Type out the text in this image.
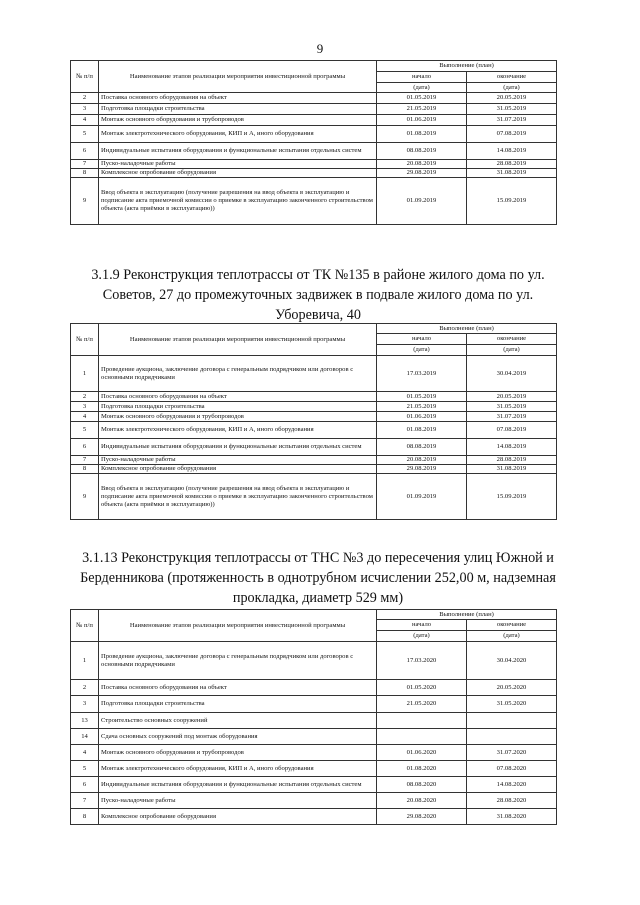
9
№ п/п	Наименование этапов реализации мероприятия инвестиционной программы	Выполнение (план)	
		начало	окончание
		(дата)	(дата)
2	Поставка основного оборудования на объект	01.05.2019	20.05.2019
3	Подготовка площадки строительства	21.05.2019	31.05.2019
4	Монтаж основного оборудования и трубопроводов	01.06.2019	31.07.2019
5	Монтаж электротехнического оборудования, КИП и А, иного оборудования	01.08.2019	07.08.2019
6	Индивидуальные испытания оборудования и функциональные испытания отдельных систем	08.08.2019	14.08.2019
7	Пуско-наладочные работы	20.08.2019	28.08.2019
8	Комплексное опробование оборудования	29.08.2019	31.08.2019
9	Ввод объекта в эксплуатацию (получение разрешения на ввод объекта в эксплуатацию и подписание акта приемочной комиссии о приемке в эксплуатацию законченного строительством объекта (акта приёмки в эксплуатацию))	01.09.2019	15.09.2019
3.1.9 Реконструкция теплотрассы от ТК №135 в районе жилого дома по ул. Советов, 27 до промежуточных задвижек в подвале жилого дома по ул. Уборевича, 40
№ п/п	Наименование этапов реализации мероприятия инвестиционной программы	Выполнение (план)	
		начало	окончание
		(дата)	(дата)
1	Проведение аукциона, заключение договора с генеральным подрядчиком или договоров с основными подрядчиками	17.03.2019	30.04.2019
2	Поставка основного оборудования на объект	01.05.2019	20.05.2019
3	Подготовка площадки строительства	21.05.2019	31.05.2019
4	Монтаж основного оборудования и трубопроводов	01.06.2019	31.07.2019
5	Монтаж электротехнического оборудования, КИП и А, иного оборудования	01.08.2019	07.08.2019
6	Индивидуальные испытания оборудования и функциональные испытания отдельных систем	08.08.2019	14.08.2019
7	Пуско-наладочные работы	20.08.2019	28.08.2019
8	Комплексное опробование оборудования	29.08.2019	31.08.2019
9	Ввод объекта в эксплуатацию (получение разрешения на ввод объекта в эксплуатацию и подписание акта приемочной комиссии о приемке в эксплуатацию законченного строительством объекта (акта приёмки в эксплуатацию))	01.09.2019	15.09.2019
3.1.13 Реконструкция теплотрассы от ТНС №3 до пересечения улиц Южной и Берденникова (протяженность в однотрубном исчислении 252,00 м, надземная прокладка, диаметр 529 мм)
№ п/п	Наименование этапов реализации мероприятия инвестиционной программы	Выполнение (план)	
		начало	окончание
		(дата)	(дата)
1	Проведение аукциона, заключение договора с генеральным подрядчиком или договоров с основными подрядчиками	17.03.2020	30.04.2020
2	Поставка основного оборудования на объект	01.05.2020	20.05.2020
3	Подготовка площадки строительства	21.05.2020	31.05.2020
13	Строительство основных сооружений		
14	Сдача основных сооружений под монтаж оборудования		
4	Монтаж основного оборудования и трубопроводов	01.06.2020	31.07.2020
5	Монтаж электротехнического оборудования, КИП и А, иного оборудования	01.08.2020	07.08.2020
6	Индивидуальные испытания оборудования и функциональные испытания отдельных систем	08.08.2020	14.08.2020
7	Пуско-наладочные работы	20.08.2020	28.08.2020
8	Комплексное опробование оборудования	29.08.2020	31.08.2020
